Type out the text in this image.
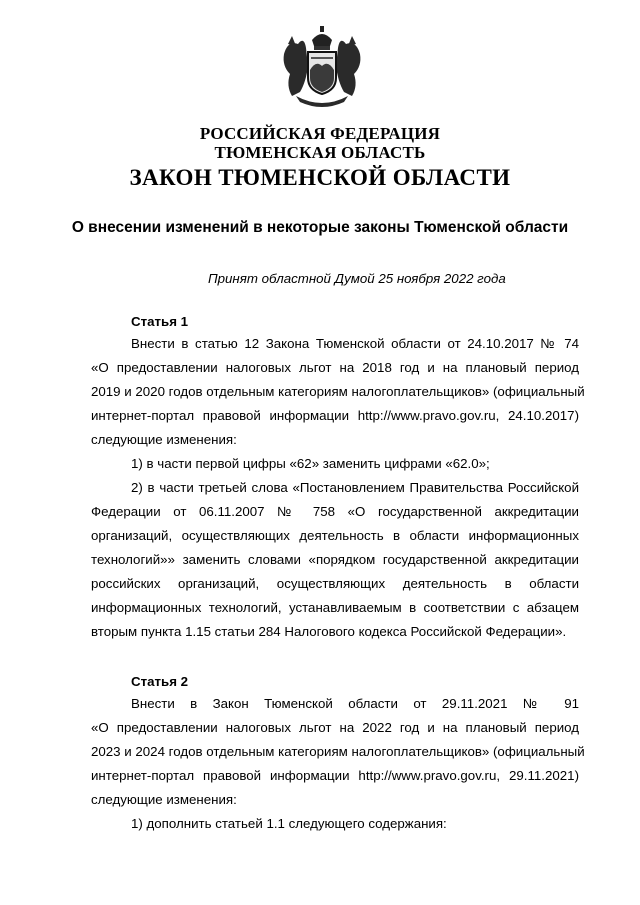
РОССИЙСКАЯ ФЕДЕРАЦИЯ
ТЮМЕНСКАЯ ОБЛАСТЬ
ЗАКОН ТЮМЕНСКОЙ ОБЛАСТИ
О внесении изменений в некоторые законы Тюменской области
Принят областной Думой 25 ноября 2022 года
Статья 1
Внести в статью 12 Закона Тюменской области от 24.10.2017 № 74
«О предоставлении налоговых льгот на 2018 год и на плановый период
2019 и 2020 годов отдельным категориям налогоплательщиков» (официальный
интернет-портал правовой информации http://www.pravo.gov.ru, 24.10.2017)
следующие изменения:
1) в части первой цифры «62» заменить цифрами «62.0»;
2) в части третьей слова «Постановлением Правительства Российской
Федерации от 06.11.2007 № 758 «О государственной аккредитации
организаций, осуществляющих деятельность в области информационных
технологий»» заменить словами «порядком государственной аккредитации
российских организаций, осуществляющих деятельность в области
информационных технологий, устанавливаемым в соответствии с абзацем
вторым пункта 1.15 статьи 284 Налогового кодекса Российской Федерации».
Статья 2
Внести в Закон Тюменской области от 29.11.2021 № 91
«О предоставлении налоговых льгот на 2022 год и на плановый период
2023 и 2024 годов отдельным категориям налогоплательщиков» (официальный
интернет-портал правовой информации http://www.pravo.gov.ru, 29.11.2021)
следующие изменения:
1) дополнить статьей 1.1 следующего содержания:
